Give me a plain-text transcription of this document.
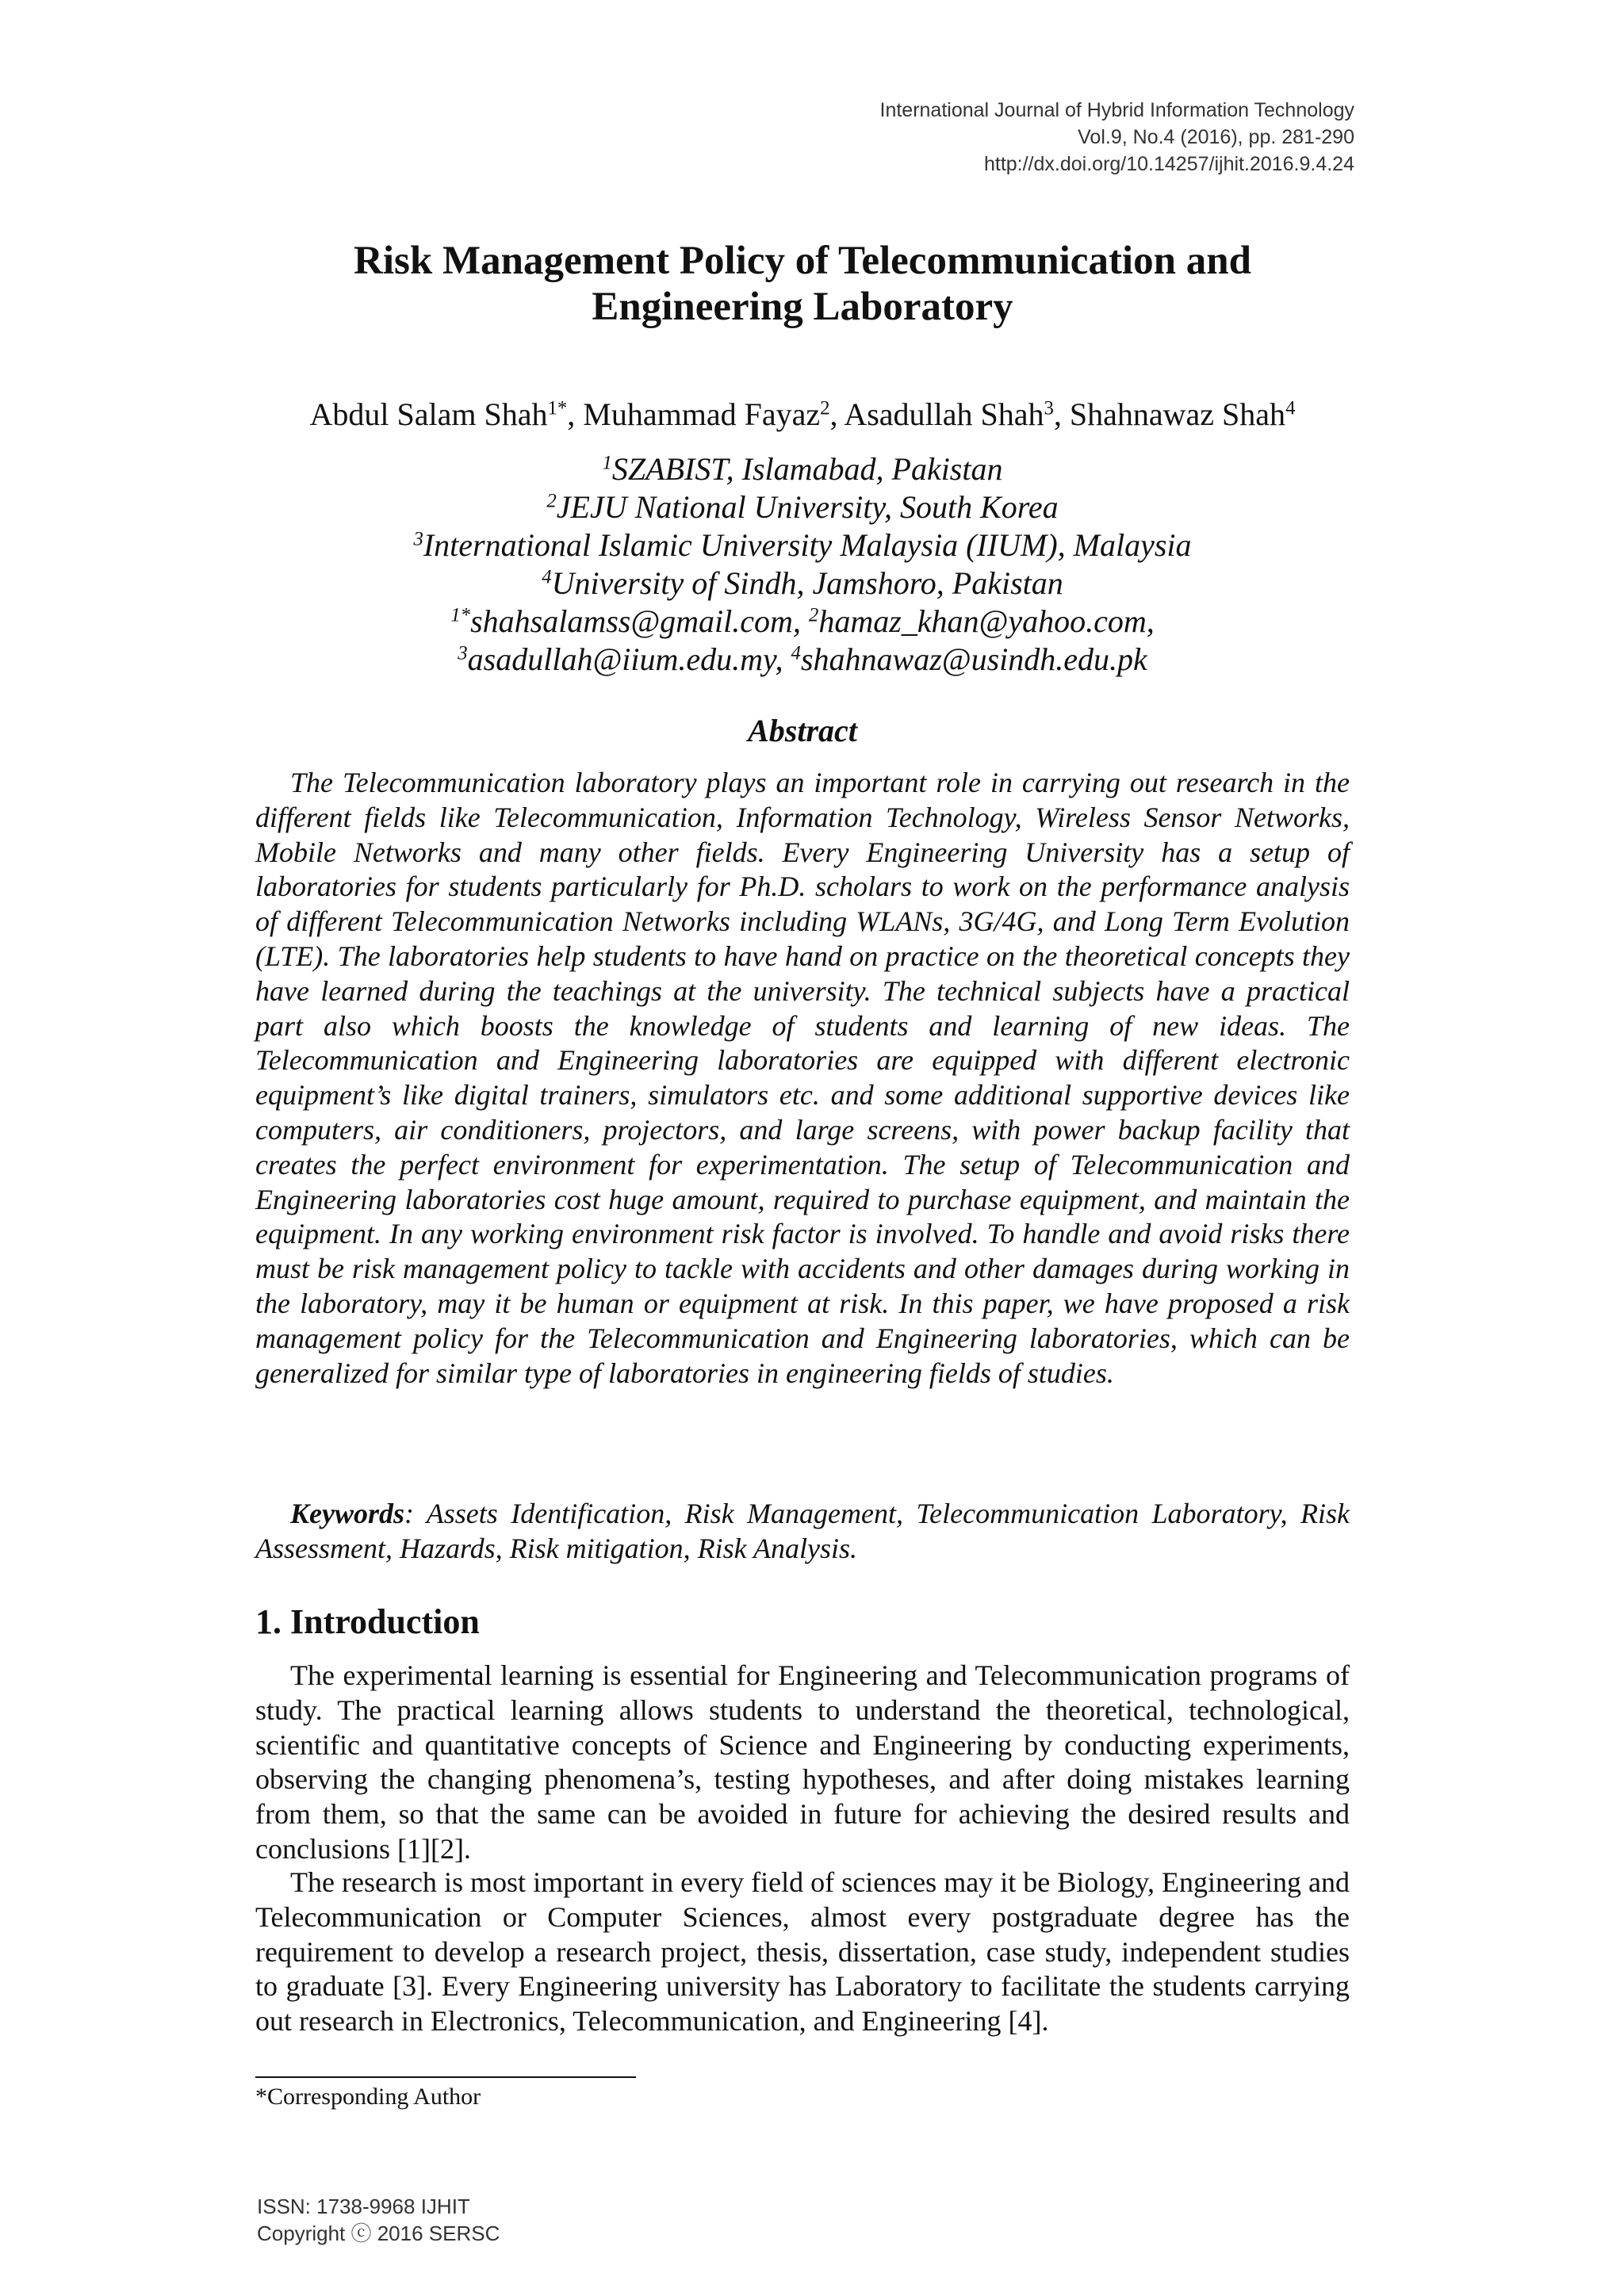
International Journal of Hybrid Information Technology
Vol.9, No.4 (2016), pp. 281-290
http://dx.doi.org/10.14257/ijhit.2016.9.4.24
Risk Management Policy of Telecommunication and Engineering Laboratory
Abdul Salam Shah$^{1*}$, Muhammad Fayaz$^2$, Asadullah Shah$^3$, Shahnawaz Shah$^4$
$^1$SZABIST, Islamabad, Pakistan
$^2$JEJU National University, South Korea
$^3$International Islamic University Malaysia (IIUM), Malaysia
$^4$University of Sindh, Jamshoro, Pakistan
$^{1*}$shahsalamss@gmail.com, $^2$hamaz_khan@yahoo.com,
$^3$asadullah@iium.edu.my, $^4$shahnawaz@usindh.edu.pk
Abstract
The Telecommunication laboratory plays an important role in carrying out research in the different fields like Telecommunication, Information Technology, Wireless Sensor Networks, Mobile Networks and many other fields. Every Engineering University has a setup of laboratories for students particularly for Ph.D. scholars to work on the performance analysis of different Telecommunication Networks including WLANs, 3G/4G, and Long Term Evolution (LTE). The laboratories help students to have hand on practice on the theoretical concepts they have learned during the teachings at the university. The technical subjects have a practical part also which boosts the knowledge of students and learning of new ideas. The Telecommunication and Engineering laboratories are equipped with different electronic equipment’s like digital trainers, simulators etc. and some additional supportive devices like computers, air conditioners, projectors, and large screens, with power backup facility that creates the perfect environment for experimentation. The setup of Telecommunication and Engineering laboratories cost huge amount, required to purchase equipment, and maintain the equipment. In any working environment risk factor is involved. To handle and avoid risks there must be risk management policy to tackle with accidents and other damages during working in the laboratory, may it be human or equipment at risk. In this paper, we have proposed a risk management policy for the Telecommunication and Engineering laboratories, which can be generalized for similar type of laboratories in engineering fields of studies.
Keywords: Assets Identification, Risk Management, Telecommunication Laboratory, Risk Assessment, Hazards, Risk mitigation, Risk Analysis.
1. Introduction
The experimental learning is essential for Engineering and Telecommunication programs of study. The practical learning allows students to understand the theoretical, technological, scientific and quantitative concepts of Science and Engineering by conducting experiments, observing the changing phenomena’s, testing hypotheses, and after doing mistakes learning from them, so that the same can be avoided in future for achieving the desired results and conclusions [1][2].
The research is most important in every field of sciences may it be Biology, Engineering and Telecommunication or Computer Sciences, almost every postgraduate degree has the requirement to develop a research project, thesis, dissertation, case study, independent studies to graduate [3]. Every Engineering university has Laboratory to facilitate the students carrying out research in Electronics, Telecommunication, and Engineering [4].
*Corresponding Author
ISSN: 1738-9968 IJHIT
Copyright ⓒ 2016 SERSC
